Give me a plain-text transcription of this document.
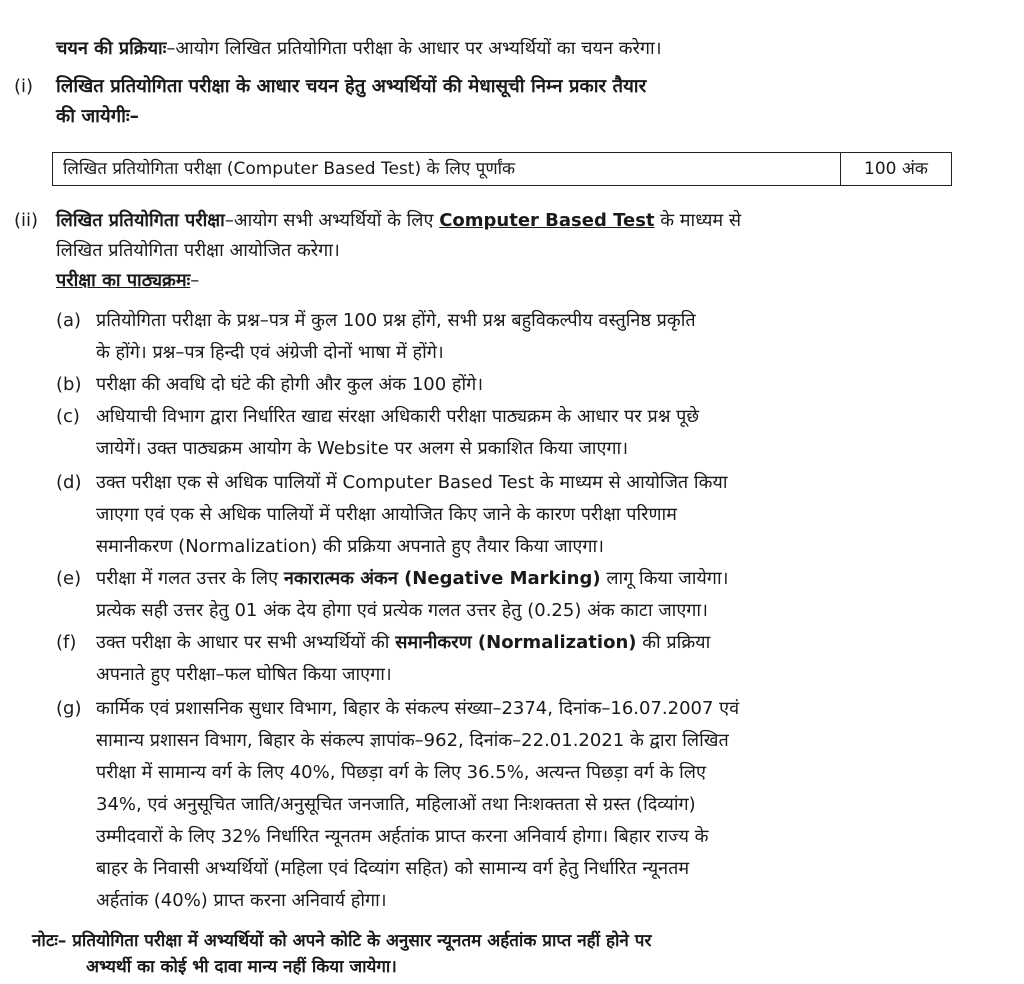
चयन की प्रक्रियाः–आयोग लिखित प्रतियोगिता परीक्षा के आधार पर अभ्यर्थियों का चयन करेगा।
(i) लिखित प्रतियोगिता परीक्षा के आधार चयन हेतु अभ्यर्थियों की मेधासूची निम्न प्रकार तैयार
की जायेगीः–
लिखित प्रतियोगिता परीक्षा (Computer Based Test) के लिए पूर्णांक	100 अंक
(ii) लिखित प्रतियोगिता परीक्षा–आयोग सभी अभ्यर्थियों के लिए Computer Based Test के माध्यम से
लिखित प्रतियोगिता परीक्षा आयोजित करेगा।
परीक्षा का पाठ्यक्रमः–
(a) प्रतियोगिता परीक्षा के प्रश्न–पत्र में कुल 100 प्रश्न होंगे, सभी प्रश्न बहुविकल्पीय वस्तुनिष्ठ प्रकृति
के होंगे। प्रश्न–पत्र हिन्दी एवं अंग्रेजी दोनों भाषा में होंगे।
(b) परीक्षा की अवधि दो घंटे की होगी और कुल अंक 100 होंगे।
(c) अधियाची विभाग द्वारा निर्धारित खाद्य संरक्षा अधिकारी परीक्षा पाठ्यक्रम के आधार पर प्रश्न पूछे
जायेगें। उक्त पाठ्यक्रम आयोग के Website पर अलग से प्रकाशित किया जाएगा।
(d) उक्त परीक्षा एक से अधिक पालियों में Computer Based Test के माध्यम से आयोजित किया
जाएगा एवं एक से अधिक पालियों में परीक्षा आयोजित किए जाने के कारण परीक्षा परिणाम
समानीकरण (Normalization) की प्रक्रिया अपनाते हुए तैयार किया जाएगा।
(e) परीक्षा में गलत उत्तर के लिए नकारात्मक अंकन (Negative Marking) लागू किया जायेगा।
प्रत्येक सही उत्तर हेतु 01 अंक देय होगा एवं प्रत्येक गलत उत्तर हेतु (0.25) अंक काटा जाएगा।
(f) उक्त परीक्षा के आधार पर सभी अभ्यर्थियों की समानीकरण (Normalization) की प्रक्रिया
अपनाते हुए परीक्षा–फल घोषित किया जाएगा।
(g) कार्मिक एवं प्रशासनिक सुधार विभाग, बिहार के संकल्प संख्या–2374, दिनांक–16.07.2007 एवं
सामान्य प्रशासन विभाग, बिहार के संकल्प ज्ञापांक–962, दिनांक–22.01.2021 के द्वारा लिखित
परीक्षा में सामान्य वर्ग के लिए 40%, पिछड़ा वर्ग के लिए 36.5%, अत्यन्त पिछड़ा वर्ग के लिए
34%, एवं अनुसूचित जाति/अनुसूचित जनजाति, महिलाओं तथा निःशक्तता से ग्रस्त (दिव्यांग)
उम्मीदवारों के लिए 32% निर्धारित न्यूनतम अर्हतांक प्राप्त करना अनिवार्य होगा। बिहार राज्य के
बाहर के निवासी अभ्यर्थियों (महिला एवं दिव्यांग सहित) को सामान्य वर्ग हेतु निर्धारित न्यूनतम
अर्हतांक (40%) प्राप्त करना अनिवार्य होगा।
नोटः– प्रतियोगिता परीक्षा में अभ्यर्थियों को अपने कोटि के अनुसार न्यूनतम अर्हतांक प्राप्त नहीं होने पर
अभ्यर्थी का कोई भी दावा मान्य नहीं किया जायेगा।
